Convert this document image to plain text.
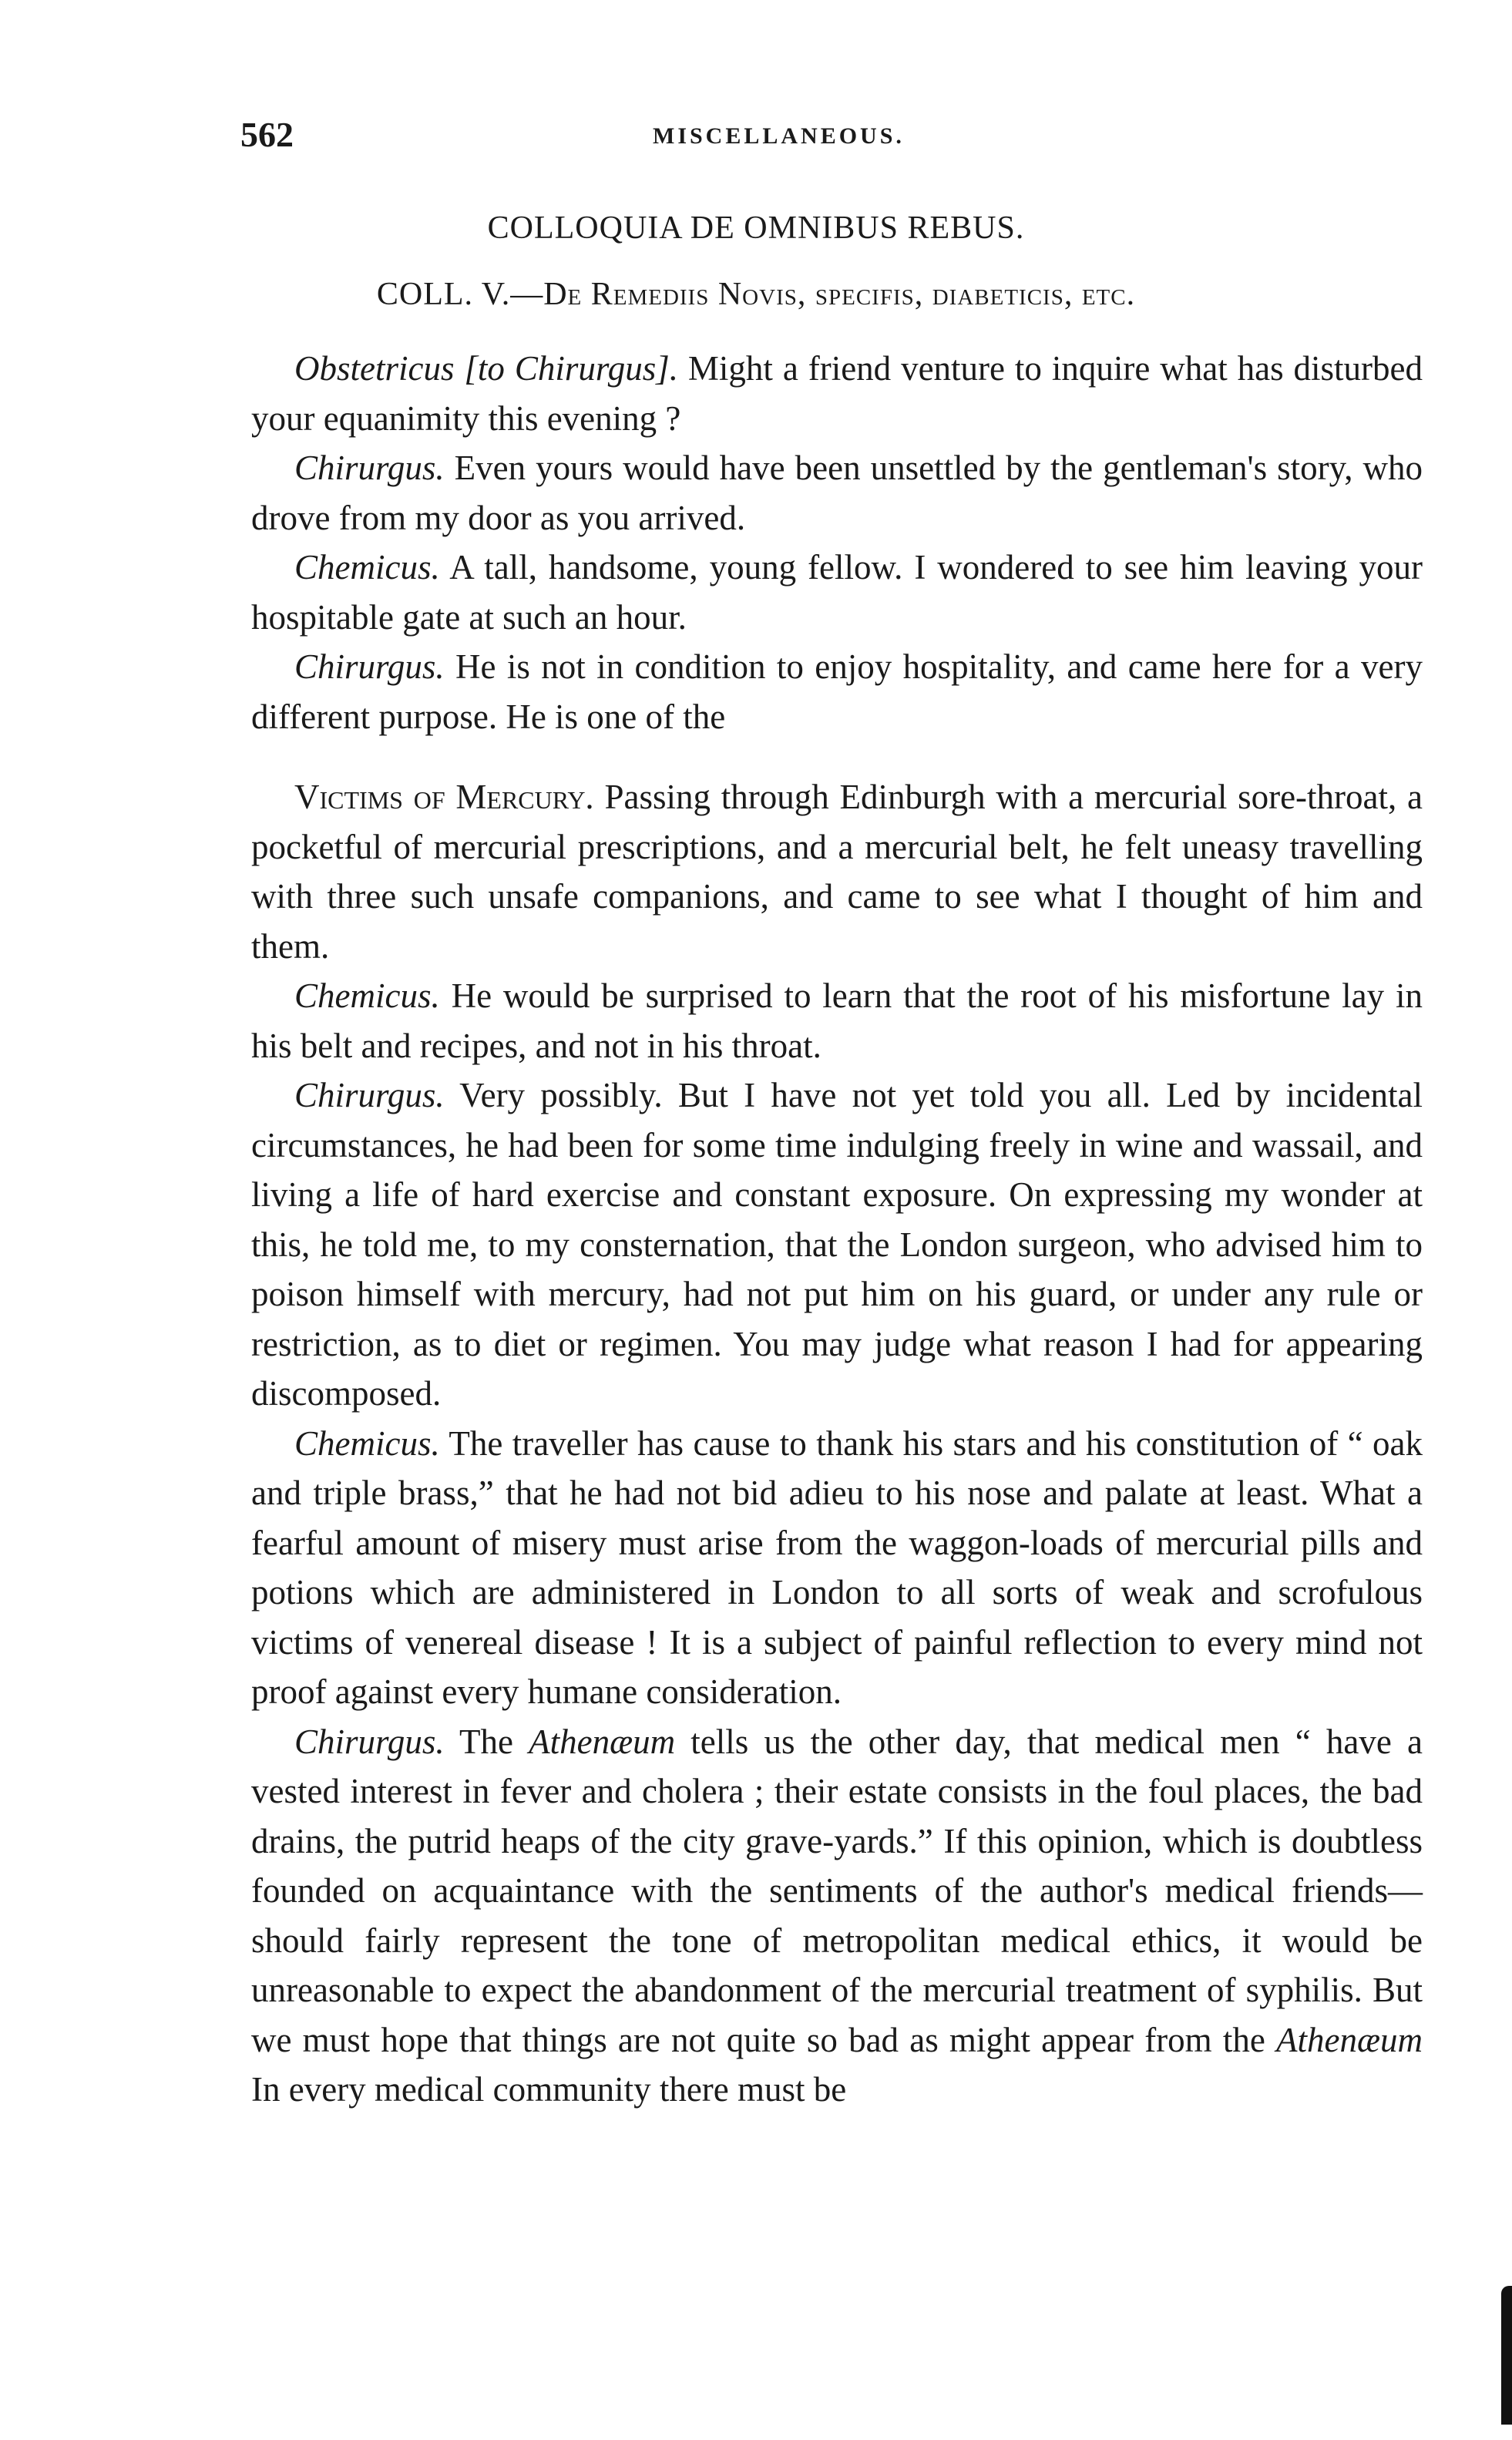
562	MISCELLANEOUS.
COLLOQUIA DE OMNIBUS REBUS.
COLL. V.—De Remediis Novis, specifis, diabeticis, etc.

Obstetricus [to Chirurgus]. Might a friend venture to inquire what has disturbed your equanimity this evening ?

Chirurgus. Even yours would have been unsettled by the gentleman's story, who drove from my door as you arrived.

Chemicus. A tall, handsome, young fellow. I wondered to see him leaving your hospitable gate at such an hour.

Chirurgus. He is not in condition to enjoy hospitality, and came here for a very different purpose. He is one of the

Victims of Mercury. Passing through Edinburgh with a mercurial sore-throat, a pocketful of mercurial prescriptions, and a mercurial belt, he felt uneasy travelling with three such unsafe companions, and came to see what I thought of him and them.

Chemicus. He would be surprised to learn that the root of his misfortune lay in his belt and recipes, and not in his throat.

Chirurgus. Very possibly. But I have not yet told you all. Led by incidental circumstances, he had been for some time indulging freely in wine and wassail, and living a life of hard exercise and constant exposure. On expressing my wonder at this, he told me, to my consternation, that the London surgeon, who advised him to poison himself with mercury, had not put him on his guard, or under any rule or restriction, as to diet or regimen. You may judge what reason I had for appearing discomposed.

Chemicus. The traveller has cause to thank his stars and his constitution of “ oak and triple brass,” that he had not bid adieu to his nose and palate at least. What a fearful amount of misery must arise from the waggon-loads of mercurial pills and potions which are administered in London to all sorts of weak and scrofulous victims of venereal disease ! It is a subject of painful reflection to every mind not proof against every humane consideration.

Chirurgus. The Athenæum tells us the other day, that medical men “ have a vested interest in fever and cholera ; their estate consists in the foul places, the bad drains, the putrid heaps of the city grave-yards.” If this opinion, which is doubtless founded on acquaintance with the sentiments of the author's medical friends—should fairly represent the tone of metropolitan medical ethics, it would be unreasonable to expect the abandonment of the mercurial treatment of syphilis. But we must hope that things are not quite so bad as might appear from the Athenæum In every medical community there must be
